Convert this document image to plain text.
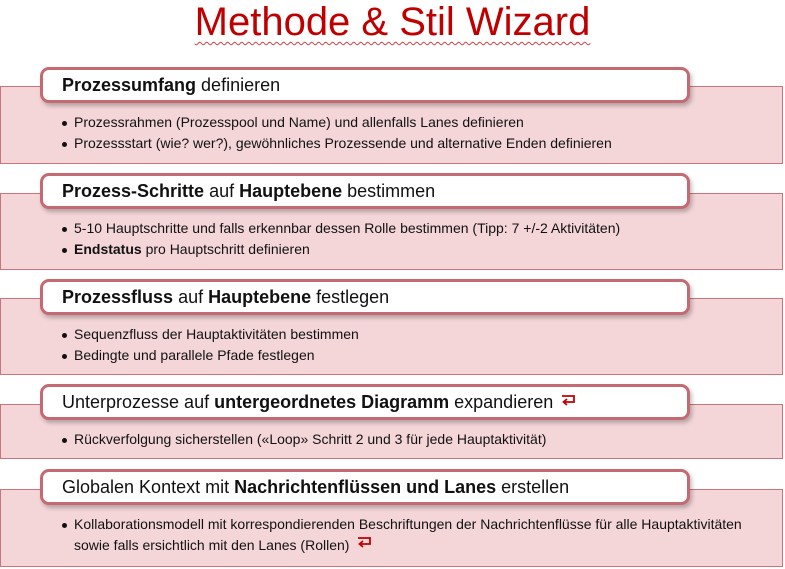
Methode & Stil Wizard
Prozessumfang definieren
Prozessrahmen (Prozesspool und Name) und allenfalls Lanes definieren
Prozessstart (wie? wer?), gewöhnliches Prozessende und alternative Enden definieren
Prozess-Schritte auf Hauptebene bestimmen
5-10 Hauptschritte und falls erkennbar dessen Rolle bestimmen (Tipp: 7 +/-2 Aktivitäten)
Endstatus pro Hauptschritt definieren
Prozessfluss auf Hauptebene festlegen
Sequenzfluss der Hauptaktivitäten bestimmen
Bedingte und parallele Pfade festlegen
Unterprozesse auf untergeordnetes Diagramm expandieren
Rückverfolgung sicherstellen («Loop» Schritt 2 und 3 für jede Hauptaktivität)
Globalen Kontext mit Nachrichtenflüssen und Lanes erstellen
Kollaborationsmodell mit korrespondierenden Beschriftungen der Nachrichtenflüsse für alle Hauptaktivitäten sowie falls ersichtlich mit den Lanes (Rollen)
